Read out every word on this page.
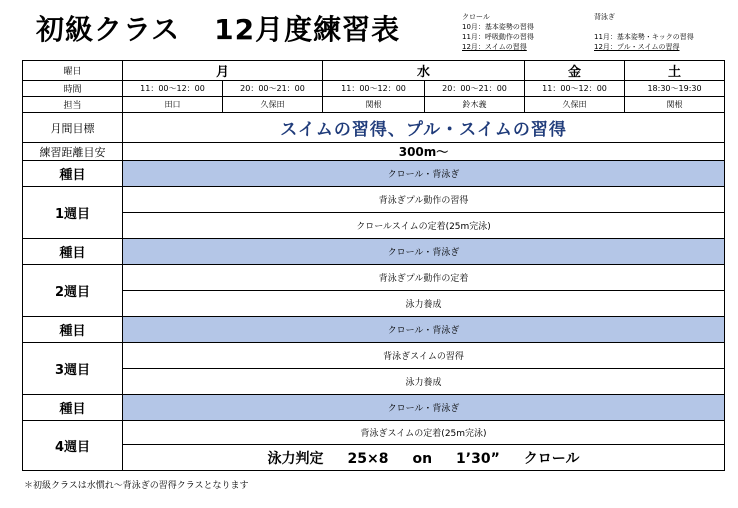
初級クラス 12月度練習表	クロール
10月：基本姿勢の習得
11月：呼吸動作の習得
12月：スイムの習得
背泳ぎ
11月：基本姿勢・キックの習得
12月：プル・スイムの習得
曜日	月		水		金	土
時間	11：00〜12：00	20：00〜21：00	11：00〜12：00	20：00〜21：00	11：00〜12：00	18:30〜19:30
担当	田口	久保田	関根	鈴木義	久保田	関根
月間目標	スイムの習得、プル・スイムの習得					
練習距離目安	300m〜					
種目	クロール・背泳ぎ					
1週目	背泳ぎプル動作の習得					
	クロールスイムの定着(25m完泳)					
種目	クロール・背泳ぎ					
2週目	背泳ぎプル動作の定着					
	泳力養成					
種目	クロール・背泳ぎ					
3週目	背泳ぎスイムの習得					
	泳力養成					
種目	クロール・背泳ぎ					
4週目	背泳ぎスイムの定着(25m完泳)					
	泳力判定 25×8 on 1’30” クロール					
＊初級クラスは水慣れ〜背泳ぎの習得クラスとなります
